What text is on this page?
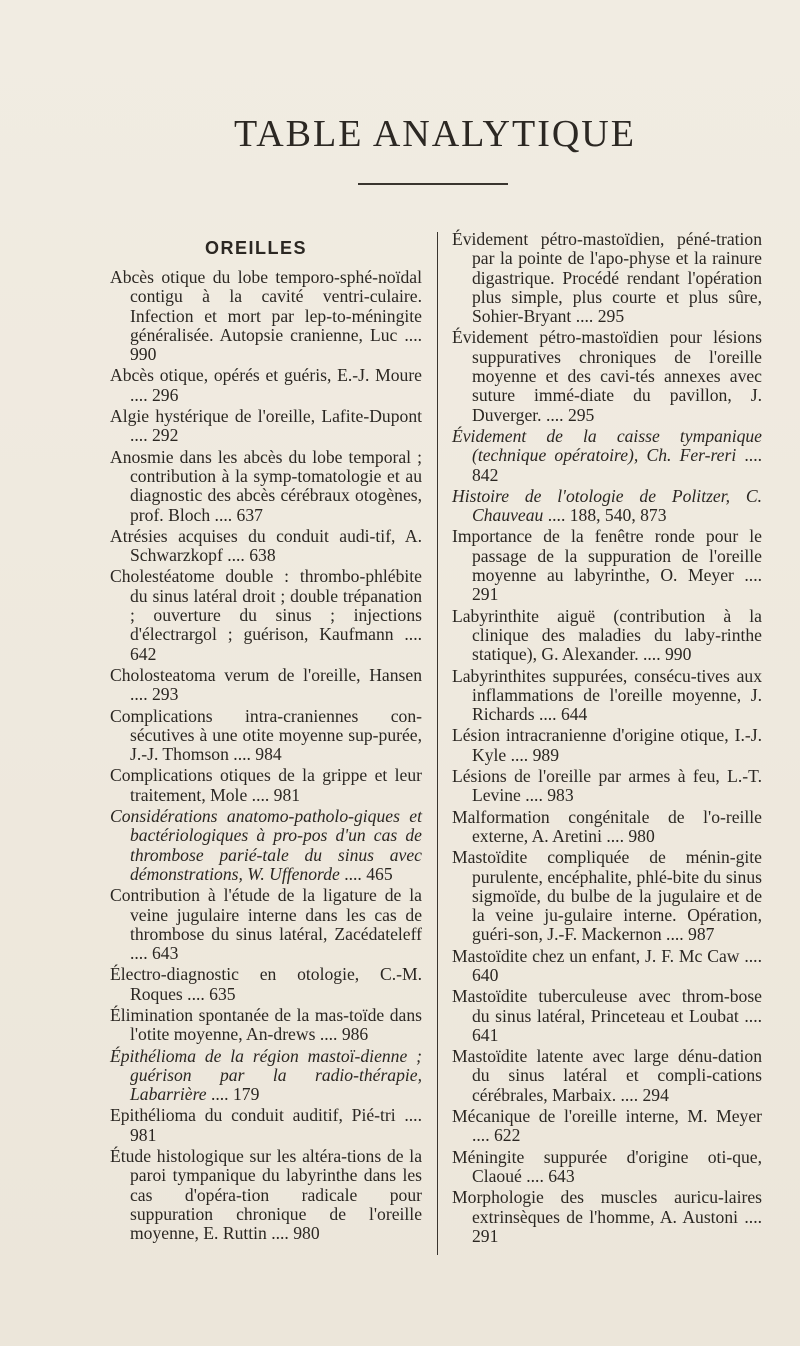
TABLE ANALYTIQUE
OREILLES
Abcès otique du lobe temporo-sphé-noïdal contigu à la cavité ventri-culaire. Infection et mort par lep-to-méningite généralisée. Autopsie cranienne, Luc .... 990
Abcès otique, opérés et guéris, E.-J. Moure .... 296
Algie hystérique de l'oreille, Lafite-Dupont .... 292
Anosmie dans les abcès du lobe temporal ; contribution à la symp-tomatologie et au diagnostic des abcès cérébraux otogènes, prof. Bloch .... 637
Atrésies acquises du conduit audi-tif, A. Schwarzkopf .... 638
Cholestéatome double : thrombo-phlébite du sinus latéral droit ; double trépanation ; ouverture du sinus ; injections d'électrargol ; guérison, Kaufmann .... 642
Cholosteatoma verum de l'oreille, Hansen .... 293
Complications intra-craniennes con-sécutives à une otite moyenne sup-purée, J.-J. Thomson .... 984
Complications otiques de la grippe et leur traitement, Mole .... 981
Considérations anatomo-patholo-giques et bactériologiques à pro-pos d'un cas de thrombose parié-tale du sinus avec démonstrations, W. Uffenorde .... 465
Contribution à l'étude de la ligature de la veine jugulaire interne dans les cas de thrombose du sinus latéral, Zacédateleff .... 643
Électro-diagnostic en otologie, C.-M. Roques .... 635
Élimination spontanée de la mas-toïde dans l'otite moyenne, An-drews .... 986
Épithélioma de la région mastoï-dienne ; guérison par la radio-thérapie, Labarrière .... 179
Epithélioma du conduit auditif, Pié-tri .... 981
Étude histologique sur les altéra-tions de la paroi tympanique du labyrinthe dans les cas d'opéra-tion radicale pour suppuration chronique de l'oreille moyenne, E. Ruttin .... 980
Évidement pétro-mastoïdien, péné-tration par la pointe de l'apo-physe et la rainure digastrique. Procédé rendant l'opération plus simple, plus courte et plus sûre, Sohier-Bryant .... 295
Évidement pétro-mastoïdien pour lésions suppuratives chroniques de l'oreille moyenne et des cavi-tés annexes avec suture immé-diate du pavillon, J. Duverger. .... 295
Évidement de la caisse tympanique (technique opératoire), Ch. Fer-reri .... 842
Histoire de l'otologie de Politzer, C. Chauveau .... 188, 540, 873
Importance de la fenêtre ronde pour le passage de la suppuration de l'oreille moyenne au labyrinthe, O. Meyer .... 291
Labyrinthite aiguë (contribution à la clinique des maladies du laby-rinthe statique), G. Alexander. .... 990
Labyrinthites suppurées, consécu-tives aux inflammations de l'oreille moyenne, J. Richards .... 644
Lésion intracranienne d'origine otique, I.-J. Kyle .... 989
Lésions de l'oreille par armes à feu, L.-T. Levine .... 983
Malformation congénitale de l'o-reille externe, A. Aretini .... 980
Mastoïdite compliquée de ménin-gite purulente, encéphalite, phlé-bite du sinus sigmoïde, du bulbe de la jugulaire et de la veine ju-gulaire interne. Opération, guéri-son, J.-F. Mackernon .... 987
Mastoïdite chez un enfant, J. F. Mc Caw .... 640
Mastoïdite tuberculeuse avec throm-bose du sinus latéral, Princeteau et Loubat .... 641
Mastoïdite latente avec large dénu-dation du sinus latéral et compli-cations cérébrales, Marbaix. .... 294
Mécanique de l'oreille interne, M. Meyer .... 622
Méningite suppurée d'origine oti-que, Claoué .... 643
Morphologie des muscles auricu-laires extrinsèques de l'homme, A. Austoni .... 291
